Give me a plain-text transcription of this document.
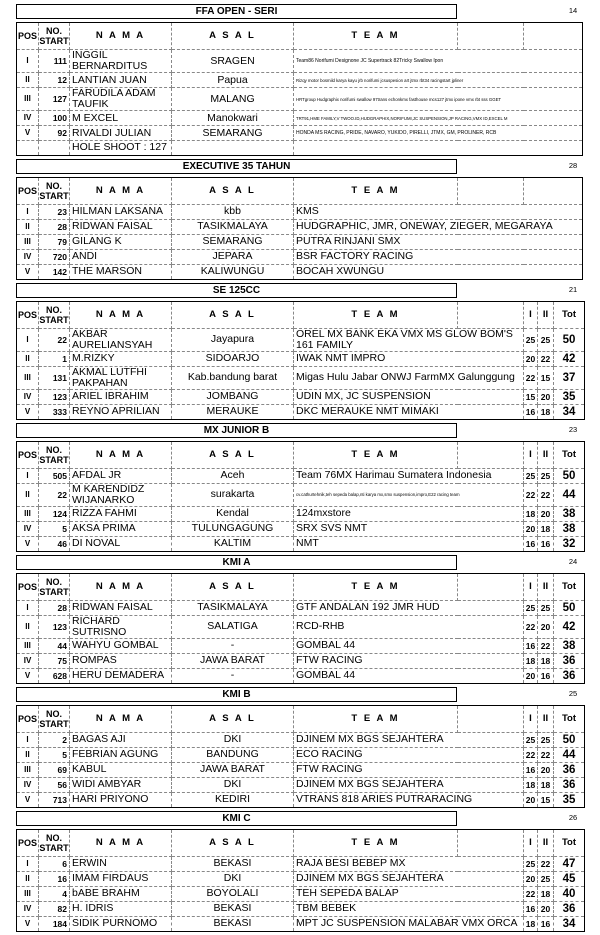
FFA OPEN - SERI	14
POS	NO. START	N A M A	A S A L	T E A M		
I	111	INGGIL BERNARDITUS	SRAGEN	Team86 Norifumi Designone JC Supertrack 82Tricky Swallow Ipon		
II	12	LANTIAN JUAN	Papua	Rizqy motor bosmild karya kayu jrb norifumi jcsuspesion art jtmx rbt34 racingstart jpliner		
III	127	FARUDILA ADAM TAUFIK	MALANG	HRTgroup Hudgraphix norifumi swallow 97trans echonkmx fasthouse mcs127 jtmx ipone vmx rbt sss GGET		
IV	100	M EXCEL	Manokwari	TRT91,HME FAMILY,V TWOO.ID,HUDGRAPHIX,NORIFUMI,JC SUSPENSION,JP RACING,VMX ID,EXCEL M		
V	92	RIVALDI JULIAN	SEMARANG	HONDA MS RACING, PRIDE, NAVARO, YUKIDO, PIRELLI, JTMX, GM, PROLINER, RCB		
		HOLE SHOOT : 127				
EXECUTIVE 35 TAHUN	28
POS	NO. START	N A M A	A S A L	T E A M		
I	23	HILMAN LAKSANA	kbb	KMS		
II	28	RIDWAN FAISAL	TASIKMALAYA	HUDGRAPHIC, JMR, ONEWAY, ZIEGER, MEGARAYA		
III	79	GILANG K	SEMARANG	PUTRA RINJANI SMX		
IV	720	ANDI	JEPARA	BSR FACTORY RACING		
V	142	THE MARSON	KALIWUNGU	BOCAH XWUNGU		
SE 125CC	21
POS	NO. START	N A M A	A S A L	T E A M		I	II	Tot
I	22	AKBAR AURELIANSYAH	Jayapura	OREL MX BANK EKA VMX MS GLOW BOM'S 161 FAMILY		25	25	50
II	1	M.RIZKY	SIDOARJO	IWAK NMT IMPRO		20	22	42
III	131	AKMAL LUTFHI PAKPAHAN	Kab.bandung barat	Migas Hulu Jabar ONWJ FarmMX Galunggung		22	15	37
IV	123	ARIEL IBRAHIM	JOMBANG	UDIN MX, JC SUSPENSION		15	20	35
V	333	REYNO APRILIAN	MERAUKE	DKC MERAUKE NMT MIMAKI		16	18	34
MX JUNIOR B	23
POS	NO. START	N A M A	A S A L	T E A M		I	II	Tot
I	505	AFDAL JR	Aceh	Team 76MX Harimau Sumatera Indonesia		25	25	50
II	22	M KARENDIDZ WIJANARKO	surakarta	cv.cathurtehnik,teh sepeda balap,nti karya mx,smx suspension,impro,E22 racing team		22	22	44
III	124	RIZZA FAHMI	Kendal	124mxstore		18	20	38
IV	5	AKSA PRIMA	TULUNGAGUNG	SRX SVS NMT		20	18	38
V	46	DI NOVAL	KALTIM	NMT		16	16	32
KMI A	24
POS	NO. START	N A M A	A S A L	T E A M		I	II	Tot
I	28	RIDWAN FAISAL	TASIKMALAYA	GTF ANDALAN 192 JMR HUD		25	25	50
II	123	RICHARD SUTRISNO	SALATIGA	RCD-RHB		22	20	42
III	44	WAHYU GOMBAL	-	GOMBAL 44		16	22	38
IV	75	ROMPAS	JAWA BARAT	FTW RACING		18	18	36
V	628	HERU DEMADERA	-	GOMBAL 44		20	16	36
KMI B	25
POS	NO. START	N A M A	A S A L	T E A M		I	II	Tot
I	2	BAGAS AJI	DKI	DJINEM MX BGS SEJAHTERA		25	25	50
II	5	FEBRIAN AGUNG	BANDUNG	ECO RACING		22	22	44
III	69	KABUL	JAWA BARAT	FTW RACING		16	20	36
IV	56	WIDI AMBYAR	DKI	DJINEM MX BGS SEJAHTERA		18	18	36
V	713	HARI PRIYONO	KEDIRI	VTRANS 818 ARIES PUTRARACING		20	15	35
KMI C	26
POS	NO. START	N A M A	A S A L	T E A M		I	II	Tot
I	6	ERWIN	BEKASI	RAJA BESI BEBEP MX		25	22	47
II	16	IMAM FIRDAUS	DKI	DJINEM MX BGS SEJAHTERA		20	25	45
III	4	bABE BRAHM	BOYOLALI	TEH SEPEDA BALAP		22	18	40
IV	82	H. IDRIS	BEKASI	TBM BEBEK		16	20	36
V	184	SIDIK PURNOMO	BEKASI	MPT JC SUSPENSION MALABAR VMX ORCA		18	16	34
